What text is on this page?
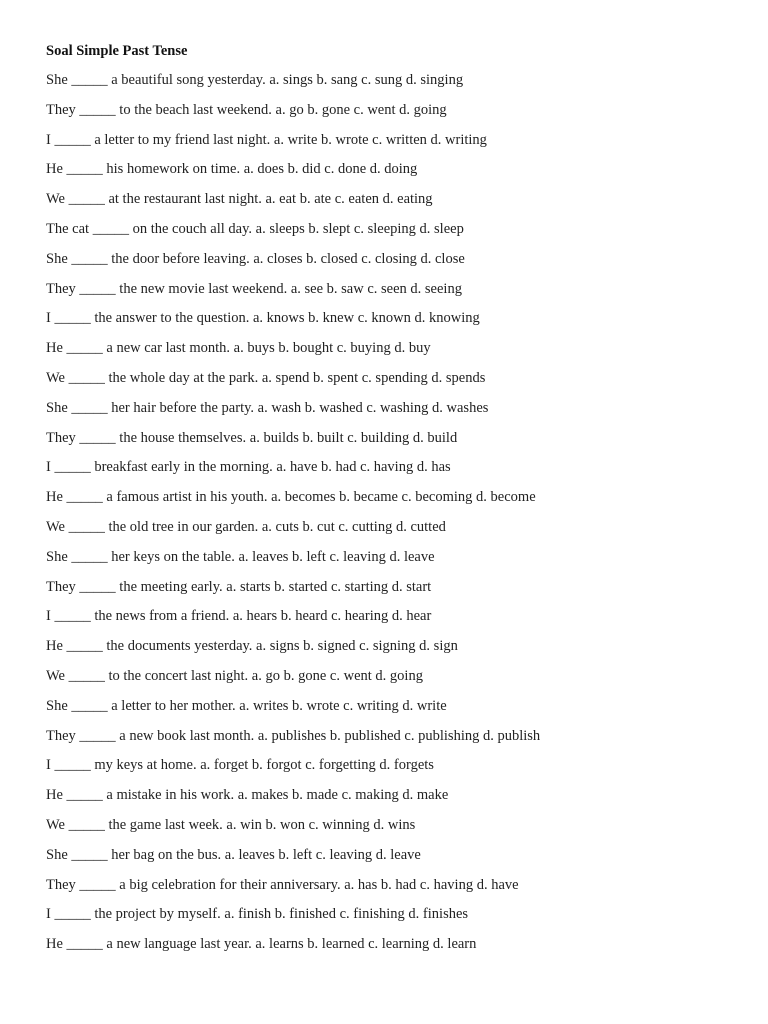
Soal Simple Past Tense
She _____ a beautiful song yesterday. a. sings b. sang c. sung d. singing
They _____ to the beach last weekend. a. go b. gone c. went d. going
I _____ a letter to my friend last night. a. write b. wrote c. written d. writing
He _____ his homework on time. a. does b. did c. done d. doing
We _____ at the restaurant last night. a. eat b. ate c. eaten d. eating
The cat _____ on the couch all day. a. sleeps b. slept c. sleeping d. sleep
She _____ the door before leaving. a. closes b. closed c. closing d. close
They _____ the new movie last weekend. a. see b. saw c. seen d. seeing
I _____ the answer to the question. a. knows b. knew c. known d. knowing
He _____ a new car last month. a. buys b. bought c. buying d. buy
We _____ the whole day at the park. a. spend b. spent c. spending d. spends
She _____ her hair before the party. a. wash b. washed c. washing d. washes
They _____ the house themselves. a. builds b. built c. building d. build
I _____ breakfast early in the morning. a. have b. had c. having d. has
He _____ a famous artist in his youth. a. becomes b. became c. becoming d. become
We _____ the old tree in our garden. a. cuts b. cut c. cutting d. cutted
She _____ her keys on the table. a. leaves b. left c. leaving d. leave
They _____ the meeting early. a. starts b. started c. starting d. start
I _____ the news from a friend. a. hears b. heard c. hearing d. hear
He _____ the documents yesterday. a. signs b. signed c. signing d. sign
We _____ to the concert last night. a. go b. gone c. went d. going
She _____ a letter to her mother. a. writes b. wrote c. writing d. write
They _____ a new book last month. a. publishes b. published c. publishing d. publish
I _____ my keys at home. a. forget b. forgot c. forgetting d. forgets
He _____ a mistake in his work. a. makes b. made c. making d. make
We _____ the game last week. a. win b. won c. winning d. wins
She _____ her bag on the bus. a. leaves b. left c. leaving d. leave
They _____ a big celebration for their anniversary. a. has b. had c. having d. have
I _____ the project by myself. a. finish b. finished c. finishing d. finishes
He _____ a new language last year. a. learns b. learned c. learning d. learn
